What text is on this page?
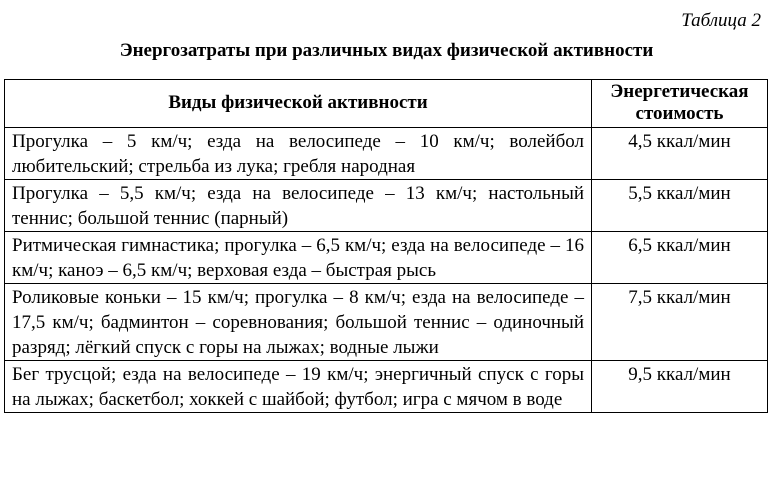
Таблица 2
Энергозатраты при различных видах физической активности
Виды физической активности	Энергетическая стоимость
Прогулка – 5 км/ч; езда на велосипеде – 10 км/ч; волейбол любительский; стрельба из лука; гребля народная	4,5 ккал/мин
Прогулка – 5,5 км/ч; езда на велосипеде – 13 км/ч; настольный теннис; большой теннис (парный)	5,5 ккал/мин
Ритмическая гимнастика; прогулка – 6,5 км/ч; езда на велосипеде – 16 км/ч; каноэ – 6,5 км/ч; верховая езда – быстрая рысь	6,5 ккал/мин
Роликовые коньки – 15 км/ч; прогулка – 8 км/ч; езда на велосипеде – 17,5 км/ч; бадминтон – соревнования; большой теннис – одиночный разряд; лёгкий спуск с горы на лыжах; водные лыжи	7,5 ккал/мин
Бег трусцой; езда на велосипеде – 19 км/ч; энергичный спуск с горы на лыжах; баскетбол; хоккей с шайбой; футбол; игра с мячом в воде	9,5 ккал/мин
